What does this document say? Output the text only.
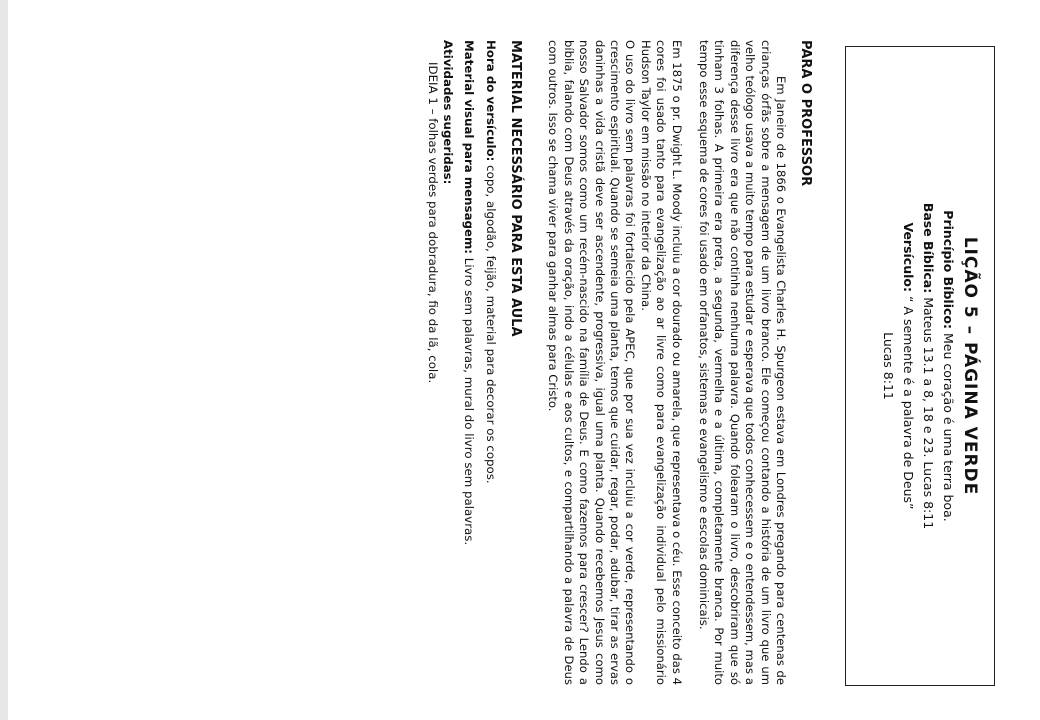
LIÇÃO 5 – PÁGINA VERDE
Princípio Bíblico: Meu coração é uma terra boa.
Base Bíblica: Mateus 13.1 a 8, 18 e 23. Lucas 8:11
Versículo: “ A semente é a palavra de Deus”
Lucas 8:11
PARA O PROFESSOR

Em Janeiro de 1866 o Evangelista Charles H. Spurgeon estava em Londres pregando para centenas de crianças órfãs sobre a mensagem de um livro branco. Ele começou contando a história de um livro que um velho teólogo usava a muito tempo para estudar e esperava que todos conhecessem e o entendessem, mas a diferença desse livro era que não continha nenhuma palavra. Quando folearam o livro, descobriram que só tinham 3 folhas. A primeira era preta, a segunda, vermelha e a última, completamente branca. Por muito tempo esse esquema de cores foi usado em orfanatos, sistemas e evangelismo e escolas dominicais.

Em 1875 o pr. Dwight L. Moody incluiu a cor dourado ou amarela, que representava o céu. Esse conceito das 4 cores foi usado tanto para evangelização ao ar livre como para evangelização individual pelo missionário Hudson Taylor em missão no interior da China.

O uso do livro sem palavras foi fortalecido pela APEC, que por sua vez incluiu a cor verde, representando o crescimento espiritual. Quando se semeia uma planta, temos que cuidar, regar, podar, adubar, tirar as ervas daninhas a vida cristã deve ser ascendente, progressiva, igual uma planta. Quando recebemos Jesus como nosso Salvador somos como um recém-nascido na família de Deus. E como fazemos para crescer? Lendo a bíblia, falando com Deus através da oração, indo a células e aos cultos, e compartilhando a palavra de Deus com outros. Isso se chama viver para ganhar almas para Cristo.

MATERIAL NECESSÁRIO PARA ESTA AULA
Hora do versículo: copo, algodão, feijão, material para decorar os copos.
Material visual para mensagem: Livro sem palavras, mural do livro sem palavras.
Atividades sugeridas:
IDEIA 1 – folhas verdes para dobradura, fio da lã, cola.
